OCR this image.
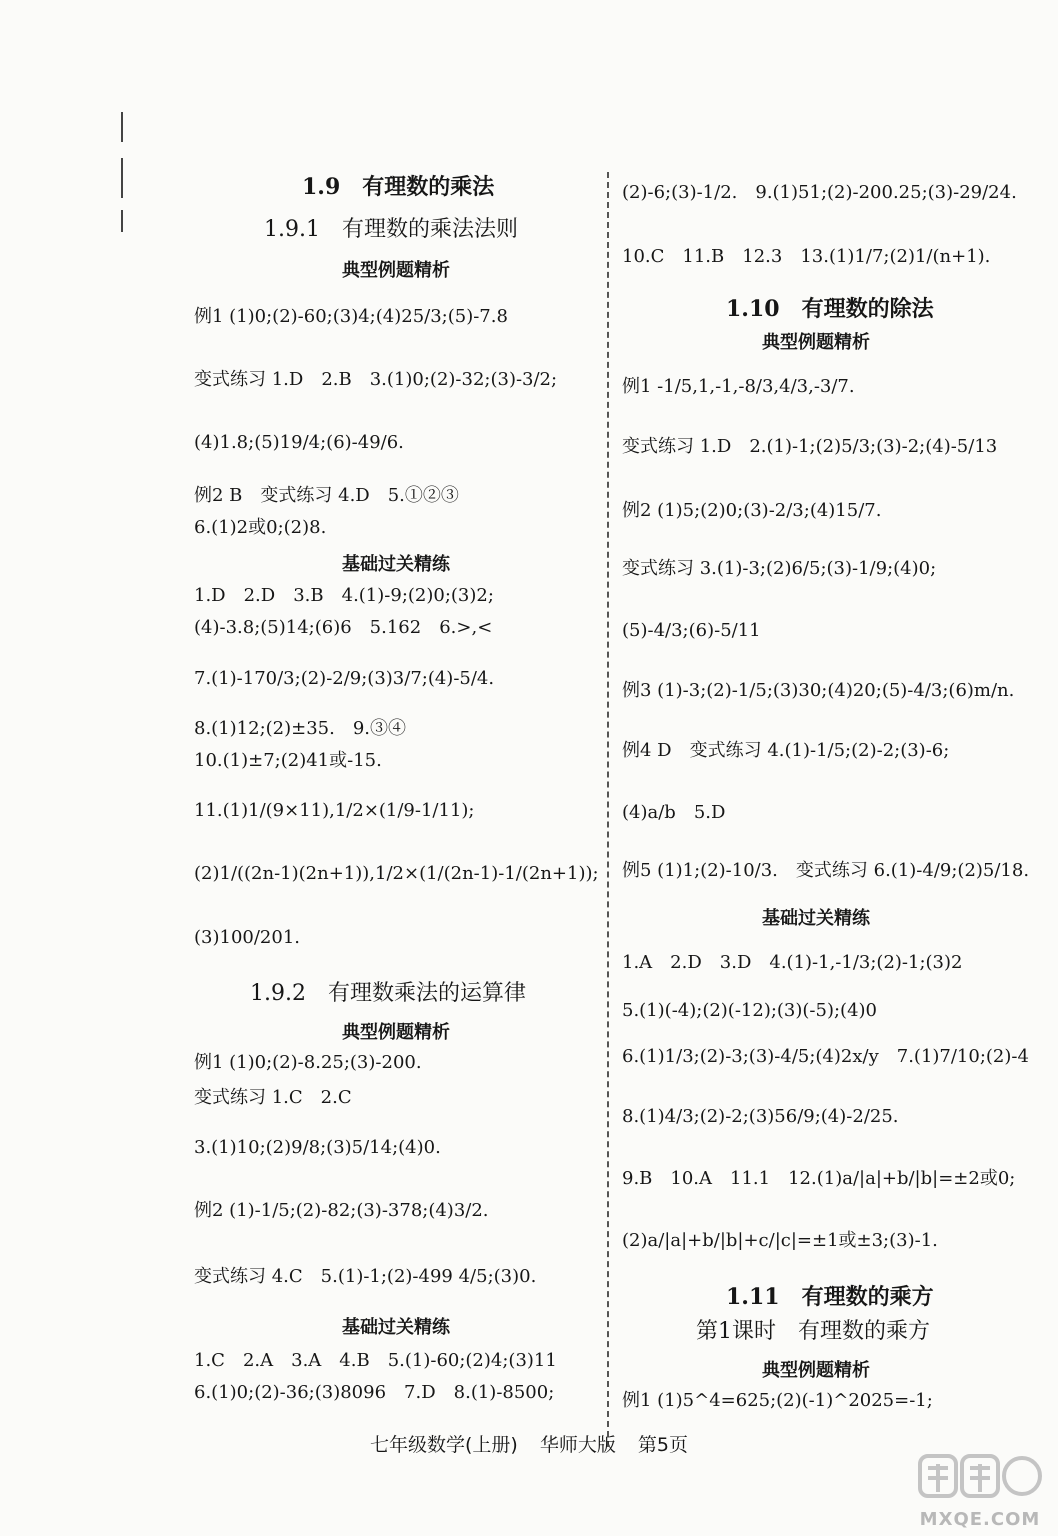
1.9　有理数的乘法
1.9.1　有理数的乘法法则
典型例题精析
例1 (1)0;(2)-60;(3)4;(4)25/3;(5)-7.8
变式练习 1.D　2.B　3.(1)0;(2)-32;(3)-3/2;
(4)1.8;(5)19/4;(6)-49/6.
例2 B　变式练习 4.D　5.①②③
6.(1)2或0;(2)8.
基础过关精练
1.D　2.D　3.B　4.(1)-9;(2)0;(3)2;
(4)-3.8;(5)14;(6)6　5.162　6.>,<
7.(1)-170/3;(2)-2/9;(3)3/7;(4)-5/4.
8.(1)12;(2)±35.　9.③④
10.(1)±7;(2)41或-15.
11.(1)1/(9×11),1/2×(1/9-1/11);
(2)1/((2n-1)(2n+1)),1/2×(1/(2n-1)-1/(2n+1));
(3)100/201.
1.9.2　有理数乘法的运算律
典型例题精析
例1 (1)0;(2)-8.25;(3)-200.
变式练习 1.C　2.C
3.(1)10;(2)9/8;(3)5/14;(4)0.
例2 (1)-1/5;(2)-82;(3)-378;(4)3/2.
变式练习 4.C　5.(1)-1;(2)-499 4/5;(3)0.
基础过关精练
1.C　2.A　3.A　4.B　5.(1)-60;(2)4;(3)11
6.(1)0;(2)-36;(3)8096　7.D　8.(1)-8500;
(2)-6;(3)-1/2.　9.(1)51;(2)-200.25;(3)-29/24.
10.C　11.B　12.3　13.(1)1/7;(2)1/(n+1).
1.10　有理数的除法
典型例题精析
例1 -1/5,1,-1,-8/3,4/3,-3/7.
变式练习 1.D　2.(1)-1;(2)5/3;(3)-2;(4)-5/13
例2 (1)5;(2)0;(3)-2/3;(4)15/7.
变式练习 3.(1)-3;(2)6/5;(3)-1/9;(4)0;
(5)-4/3;(6)-5/11
例3 (1)-3;(2)-1/5;(3)30;(4)20;(5)-4/3;(6)m/n.
例4 D　变式练习 4.(1)-1/5;(2)-2;(3)-6;
(4)a/b　5.D
例5 (1)1;(2)-10/3.　变式练习 6.(1)-4/9;(2)5/18.
基础过关精练
1.A　2.D　3.D　4.(1)-1,-1/3;(2)-1;(3)2
5.(1)(-4);(2)(-12);(3)(-5);(4)0
6.(1)1/3;(2)-3;(3)-4/5;(4)2x/y　7.(1)7/10;(2)-4
8.(1)4/3;(2)-2;(3)56/9;(4)-2/25.
9.B　10.A　11.1　12.(1)a/|a|+b/|b|=±2或0;
(2)a/|a|+b/|b|+c/|c|=±1或±3;(3)-1.
1.11　有理数的乘方
第1课时　有理数的乘方
典型例题精析
例1 (1)5^4=625;(2)(-1)^2025=-1;
七年级数学(上册) 华师大版 第5页
MXQE.COM
